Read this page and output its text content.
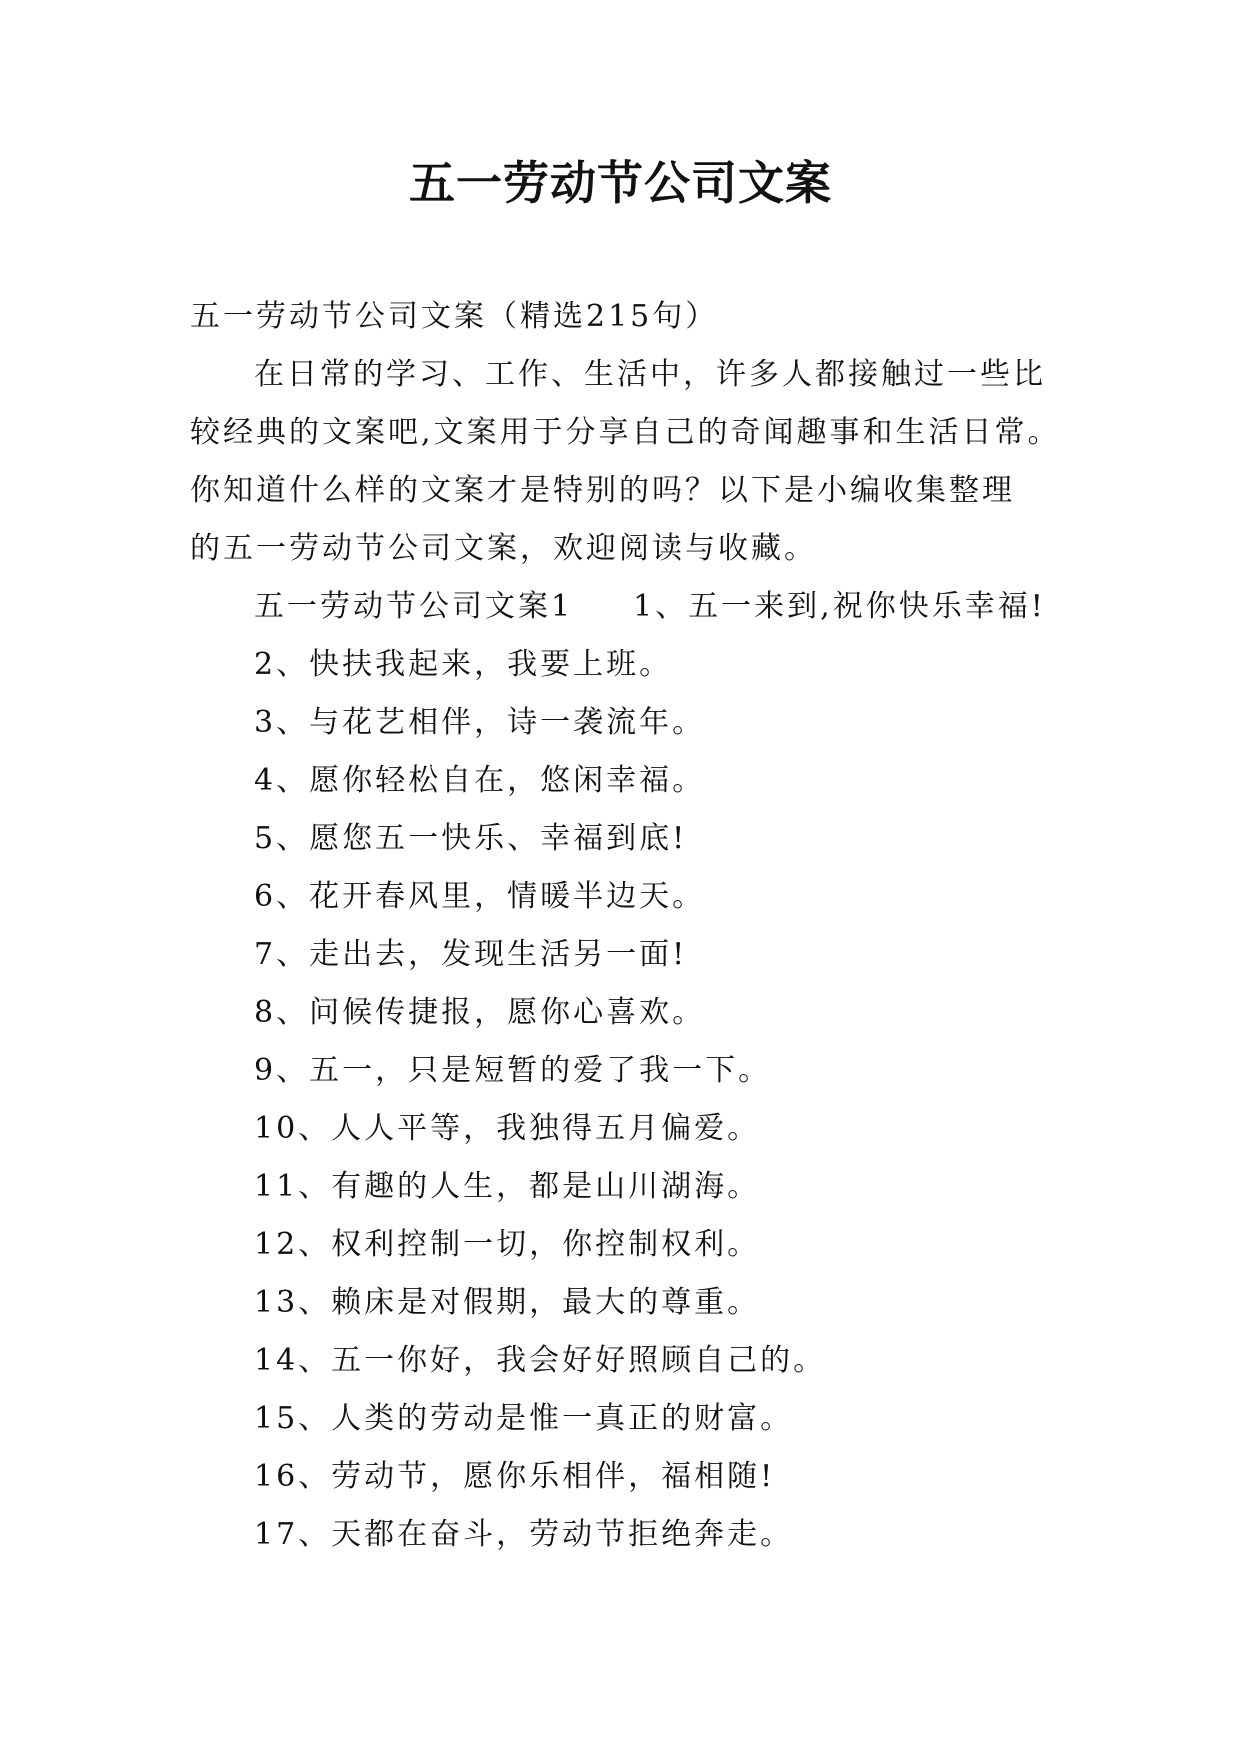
五一劳动节公司文案
五一劳动节公司文案（精选215句）
在日常的学习、工作、生活中，许多人都接触过一些比
较经典的文案吧,文案用于分享自己的奇闻趣事和生活日常。
你知道什么样的文案才是特别的吗？以下是小编收集整理
的五一劳动节公司文案，欢迎阅读与收藏。
五一劳动节公司文案1 1、五一来到,祝你快乐幸福!
2、快扶我起来，我要上班。
3、与花艺相伴，诗一袭流年。
4、愿你轻松自在，悠闲幸福。
5、愿您五一快乐、幸福到底!
6、花开春风里，情暖半边天。
7、走出去，发现生活另一面!
8、问候传捷报，愿你心喜欢。
9、五一，只是短暂的爱了我一下。
10、人人平等，我独得五月偏爱。
11、有趣的人生，都是山川湖海。
12、权利控制一切，你控制权利。
13、赖床是对假期，最大的尊重。
14、五一你好，我会好好照顾自己的。
15、人类的劳动是惟一真正的财富。
16、劳动节，愿你乐相伴，福相随!
17、天都在奋斗，劳动节拒绝奔走。
